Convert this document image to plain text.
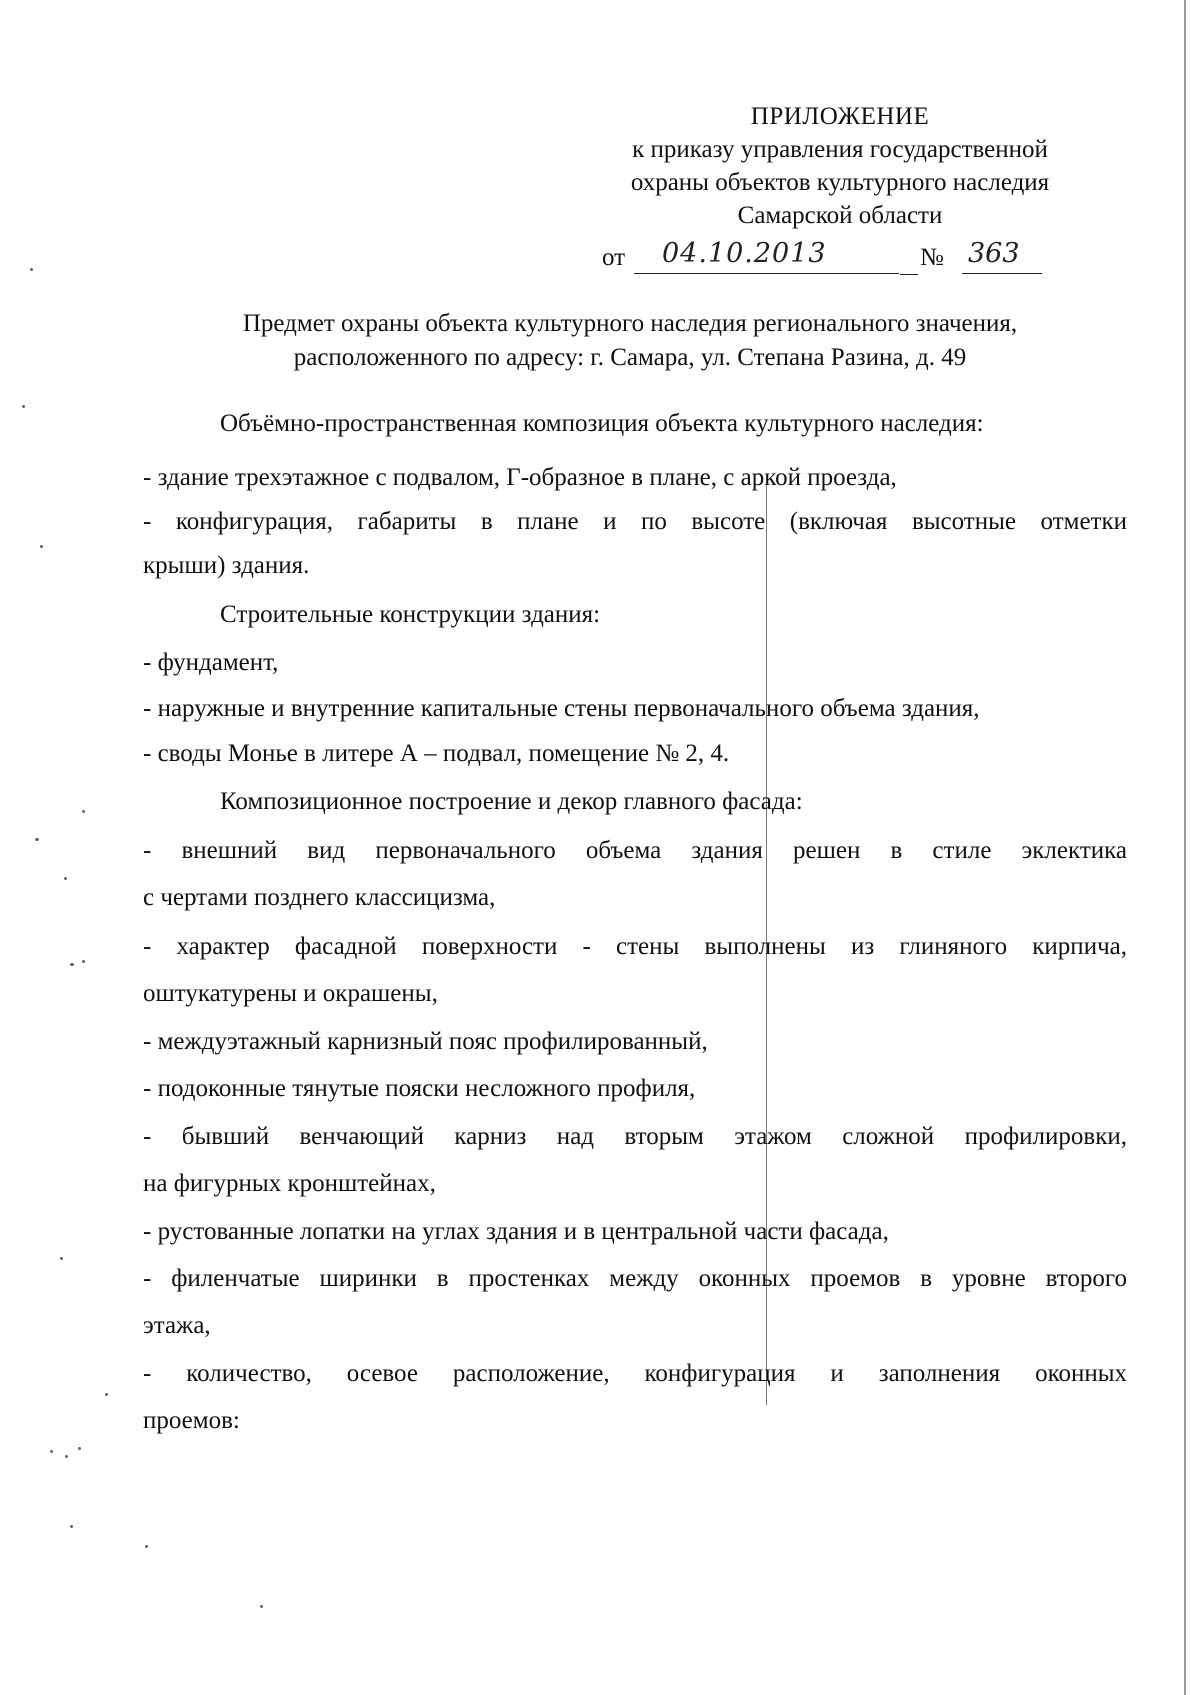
ПРИЛОЖЕНИЕ
к приказу управления государственной
охраны объектов культурного наследия
Самарской области
от	04.10.2013	№ 363
Предмет охраны объекта культурного наследия регионального значения,
расположенного по адресу: г. Самара, ул. Степана Разина, д. 49
Объёмно-пространственная композиция объекта культурного наследия:
- здание трехэтажное с подвалом, Г-образное в плане, с аркой проезда,
- конфигурация, габариты в плане и по высоте (включая высотные отметки
крыши) здания.
Строительные конструкции здания:
- фундамент,
- наружные и внутренние капитальные стены первоначального объема здания,
- своды Монье в литере А – подвал, помещение № 2, 4.
Композиционное построение и декор главного фасада:
- внешний вид первоначального объема здания решен в стиле эклектика
с чертами позднего классицизма,
- характер фасадной поверхности - стены выполнены из глиняного кирпича,
оштукатурены и окрашены,
- междуэтажный карнизный пояс профилированный,
- подоконные тянутые пояски несложного профиля,
- бывший венчающий карниз над вторым этажом сложной профилировки,
на фигурных кронштейнах,
- рустованные лопатки на углах здания и в центральной части фасада,
- филенчатые ширинки в простенках между оконных проемов в уровне второго
этажа,
- количество, осевое расположение, конфигурация и заполнения оконных
проемов:
